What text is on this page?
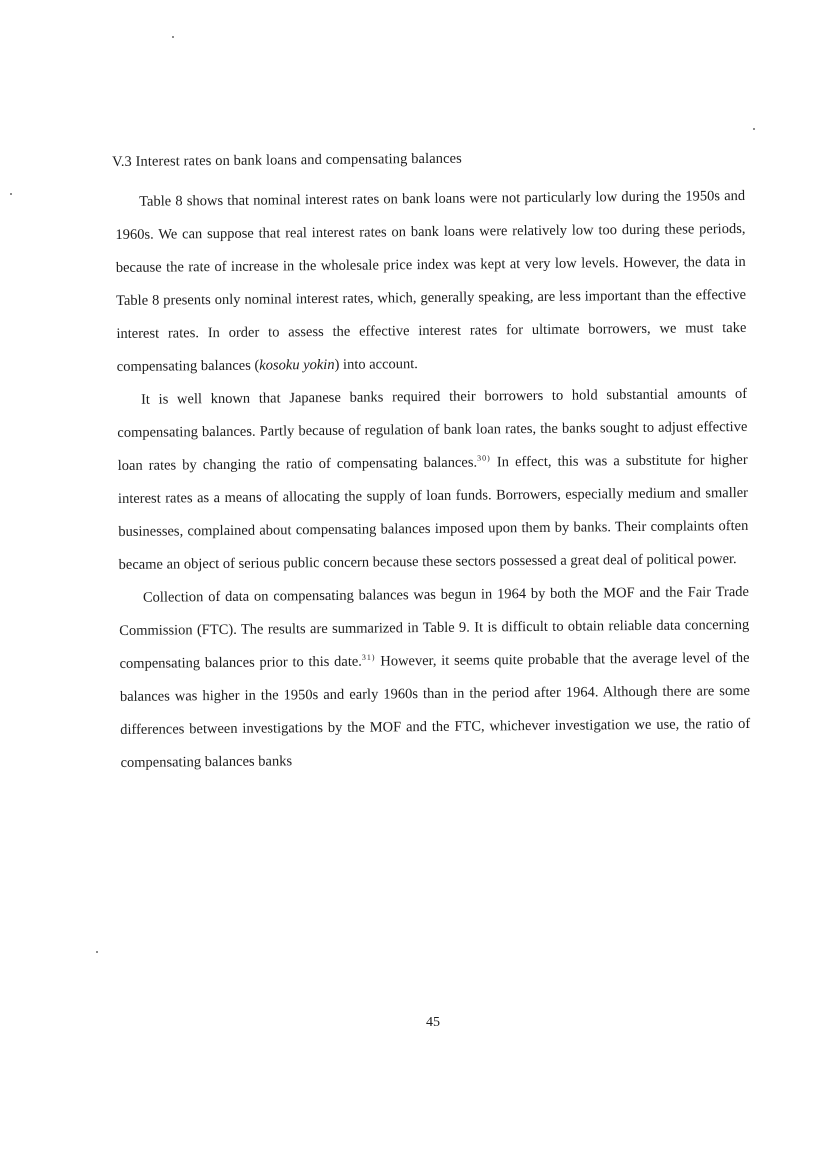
V.3 Interest rates on bank loans and compensating balances

Table 8 shows that nominal interest rates on bank loans were not particularly low during the 1950s and 1960s. We can suppose that real interest rates on bank loans were relatively low too during these periods, because the rate of increase in the wholesale price index was kept at very low levels. However, the data in Table 8 presents only nominal interest rates, which, generally speaking, are less important than the effective interest rates. In order to assess the effective interest rates for ultimate borrowers, we must take compensating balances (kosoku yokin) into account.

It is well known that Japanese banks required their borrowers to hold substantial amounts of compensating balances. Partly because of regulation of bank loan rates, the banks sought to adjust effective loan rates by changing the ratio of compensating balances.$^{30)}$ In effect, this was a substitute for higher interest rates as a means of allocating the supply of loan funds. Borrowers, especially medium and smaller businesses, complained about compensating balances imposed upon them by banks. Their complaints often became an object of serious public concern because these sectors possessed a great deal of political power.

Collection of data on compensating balances was begun in 1964 by both the MOF and the Fair Trade Commission (FTC). The results are summarized in Table 9. It is difficult to obtain reliable data concerning compensating balances prior to this date.$^{31)}$ However, it seems quite probable that the average level of the balances was higher in the 1950s and early 1960s than in the period after 1964. Although there are some differences between investigations by the MOF and the FTC, whichever investigation we use, the ratio of compensating balances banks

45
